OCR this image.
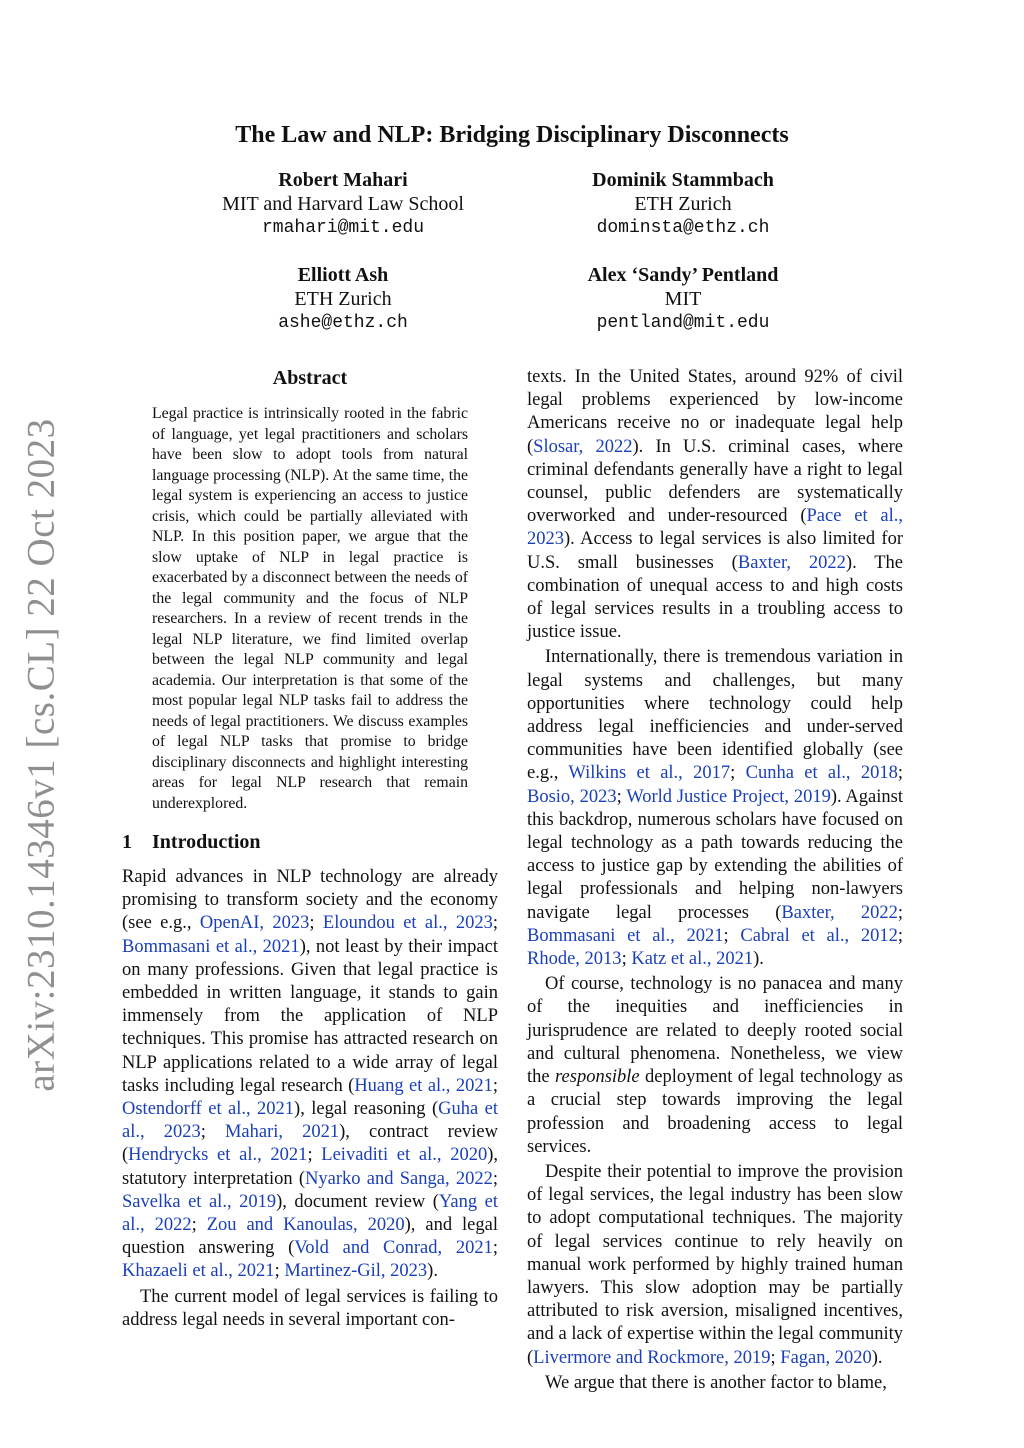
arXiv:2310.14346v1 [cs.CL] 22 Oct 2023
The Law and NLP: Bridging Disciplinary Disconnects
Robert Mahari
MIT and Harvard Law School
rmahari@mit.edu
Dominik Stammbach
ETH Zurich
dominsta@ethz.ch
Elliott Ash
ETH Zurich
ashe@ethz.ch
Alex ‘Sandy’ Pentland
MIT
pentland@mit.edu
Abstract
Legal practice is intrinsically rooted in the fabric of language, yet legal practitioners and scholars have been slow to adopt tools from natural language processing (NLP). At the same time, the legal system is experiencing an access to justice crisis, which could be partially alleviated with NLP. In this position paper, we argue that the slow uptake of NLP in legal practice is exacerbated by a disconnect between the needs of the legal community and the focus of NLP researchers. In a review of recent trends in the legal NLP literature, we find limited overlap between the legal NLP community and legal academia. Our interpretation is that some of the most popular legal NLP tasks fail to address the needs of legal practitioners. We discuss examples of legal NLP tasks that promise to bridge disciplinary disconnects and highlight interesting areas for legal NLP research that remain underexplored.
1 Introduction

Rapid advances in NLP technology are already promising to transform society and the economy (see e.g., OpenAI, 2023; Eloundou et al., 2023; Bommasani et al., 2021), not least by their impact on many professions. Given that legal practice is embedded in written language, it stands to gain immensely from the application of NLP techniques. This promise has attracted research on NLP applications related to a wide array of legal tasks including legal research (Huang et al., 2021; Ostendorff et al., 2021), legal reasoning (Guha et al., 2023; Mahari, 2021), contract review (Hendrycks et al., 2021; Leivaditi et al., 2020), statutory interpretation (Nyarko and Sanga, 2022; Savelka et al., 2019), document review (Yang et al., 2022; Zou and Kanoulas, 2020), and legal question answering (Vold and Conrad, 2021; Khazaeli et al., 2021; Martinez-Gil, 2023).

The current model of legal services is failing to address legal needs in several important con-

texts. In the United States, around 92% of civil legal problems experienced by low-income Americans receive no or inadequate legal help (Slosar, 2022). In U.S. criminal cases, where criminal defendants generally have a right to legal counsel, public defenders are systematically overworked and under-resourced (Pace et al., 2023). Access to legal services is also limited for U.S. small businesses (Baxter, 2022). The combination of unequal access to and high costs of legal services results in a troubling access to justice issue.

Internationally, there is tremendous variation in legal systems and challenges, but many opportunities where technology could help address legal inefficiencies and under-served communities have been identified globally (see e.g., Wilkins et al., 2017; Cunha et al., 2018; Bosio, 2023; World Justice Project, 2019). Against this backdrop, numerous scholars have focused on legal technology as a path towards reducing the access to justice gap by extending the abilities of legal professionals and helping non-lawyers navigate legal processes (Baxter, 2022; Bommasani et al., 2021; Cabral et al., 2012; Rhode, 2013; Katz et al., 2021).

Of course, technology is no panacea and many of the inequities and inefficiencies in jurisprudence are related to deeply rooted social and cultural phenomena. Nonetheless, we view the responsible deployment of legal technology as a crucial step towards improving the legal profession and broadening access to legal services.

Despite their potential to improve the provision of legal services, the legal industry has been slow to adopt computational techniques. The majority of legal services continue to rely heavily on manual work performed by highly trained human lawyers. This slow adoption may be partially attributed to risk aversion, misaligned incentives, and a lack of expertise within the legal community (Livermore and Rockmore, 2019; Fagan, 2020).

We argue that there is another factor to blame,
